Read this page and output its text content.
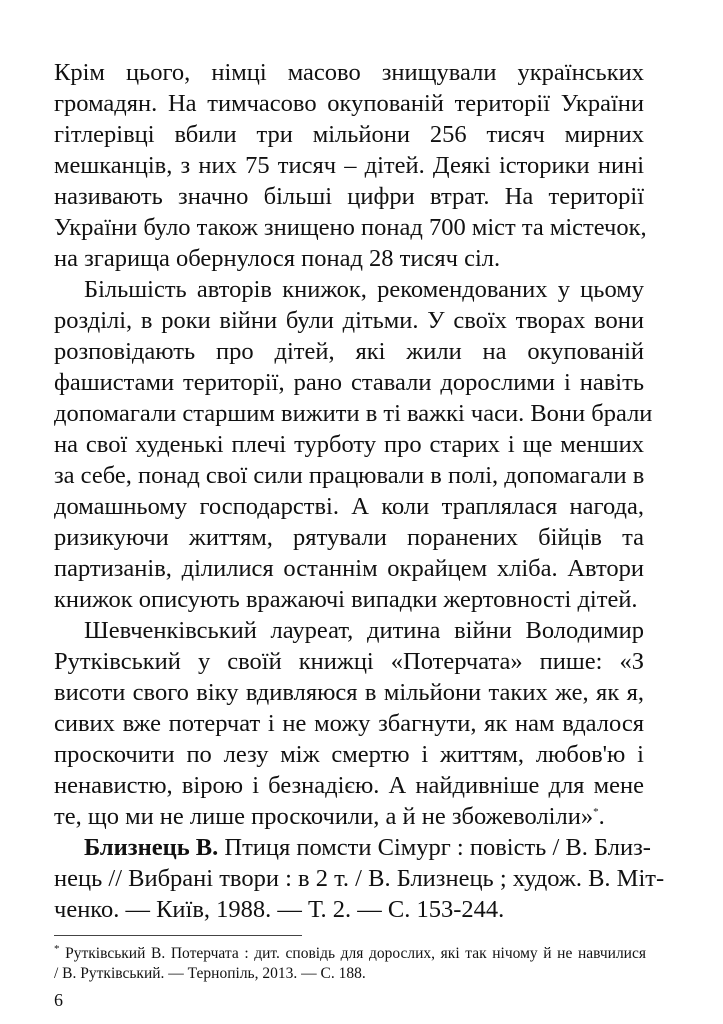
Крім цього, німці масово знищували українських
громадян. На тимчасово окупованій території України
гітлерівці вбили три мільйони 256 тисяч мирних
мешканців, з них 75 тисяч – дітей. Деякі історики нині
називають значно більші цифри втрат. На території
України було також знищено понад 700 міст та містечок,
на згарища обернулося понад 28 тисяч сіл.
Більшість авторів книжок, рекомендованих у цьому
розділі, в роки війни були дітьми. У своїх творах вони
розповідають про дітей, які жили на окупованій
фашистами території, рано ставали дорослими і навіть
допомагали старшим вижити в ті важкі часи. Вони брали
на свої худенькі плечі турботу про старих і ще менших
за себе, понад свої сили працювали в полі, допомагали в
домашньому господарстві. А коли траплялася нагода,
ризикуючи життям, рятували поранених бійців та
партизанів, ділилися останнім окрайцем хліба. Автори
книжок описують вражаючі випадки жертовності дітей.
Шевченківський лауреат, дитина війни Володимир
Рутківський у своїй книжці «Потерчата» пише: «З
висоти свого віку вдивляюся в мільйони таких же, як я,
сивих вже потерчат і не можу збагнути, як нам вдалося
проскочити по лезу між смертю і життям, любов'ю і
ненавистю, вірою і безнадією. А найдивніше для мене
те, що ми не лише проскочили, а й не збожеволіли»*.
Близнець В. Птиця помсти Сімург : повість / В. Близ-
нець // Вибрані твори : в 2 т. / В. Близнець ; худож. В. Міт-
ченко. — Київ, 1988. — Т. 2. — С. 153-244.
* Рутківський В. Потерчата : дит. сповідь для дорослих, які так нічому й не навчилися
/ В. Рутківський. — Тернопіль, 2013. — С. 188.
6
